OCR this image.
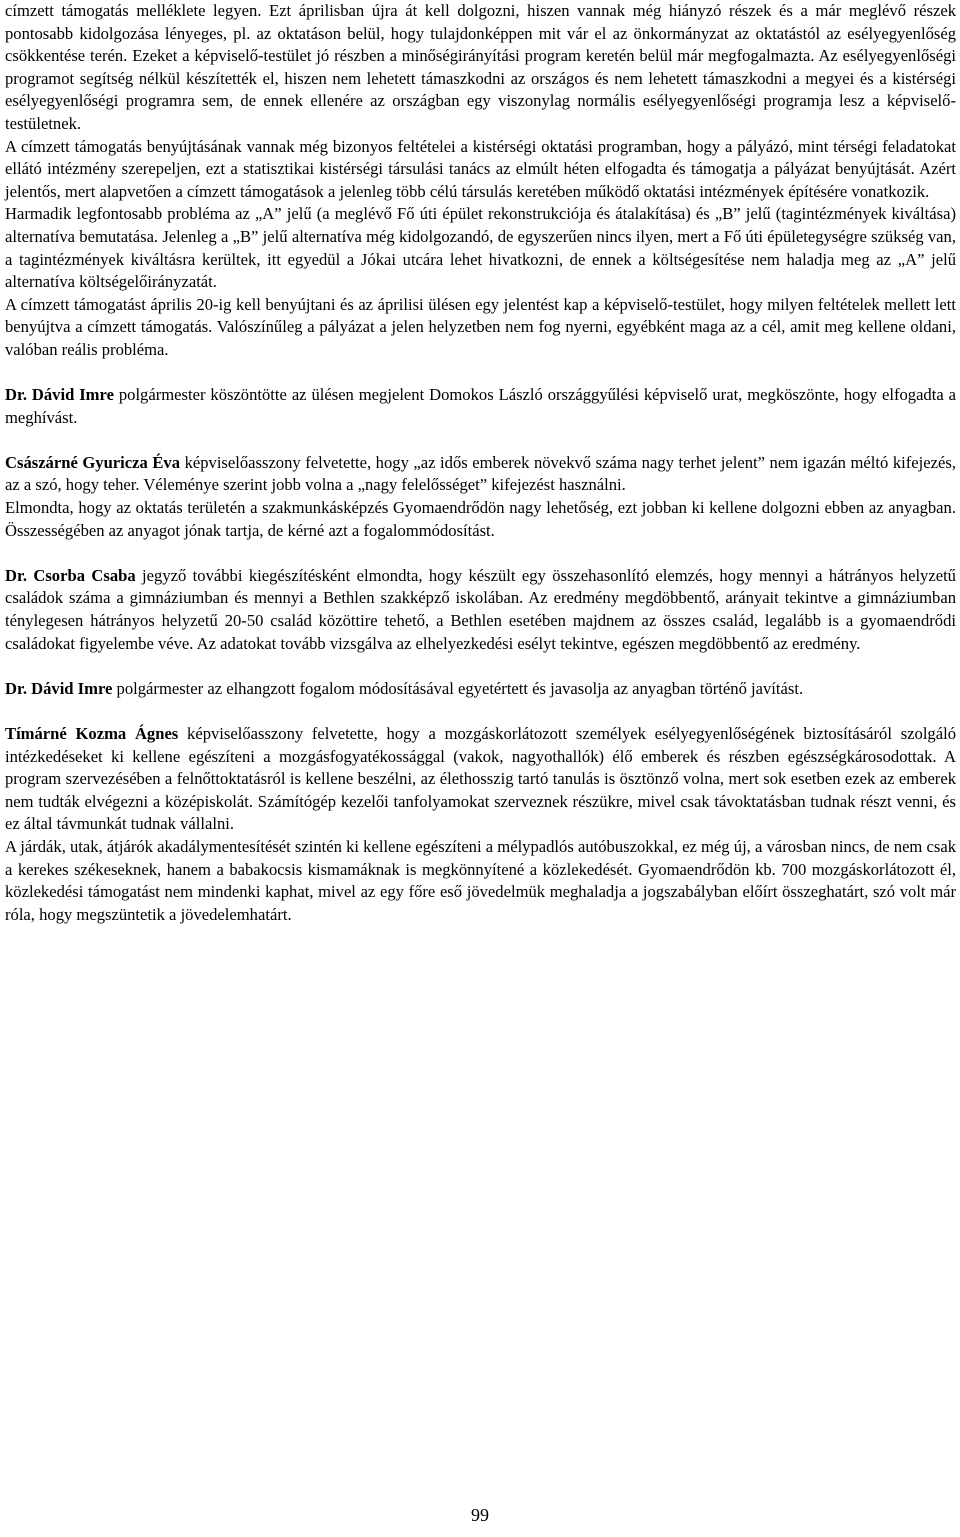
címzett támogatás melléklete legyen. Ezt áprilisban újra át kell dolgozni, hiszen vannak még hiányzó részek és a már meglévő részek pontosabb kidolgozása lényeges, pl. az oktatáson belül, hogy tulajdonképpen mit vár el az önkormányzat az oktatástól az esélyegyenlőség csökkentése terén. Ezeket a képviselő-testület jó részben a minőségirányítási program keretén belül már megfogalmazta. Az esélyegyenlőségi programot segítség nélkül készítették el, hiszen nem lehetett támaszkodni az országos és nem lehetett támaszkodni a megyei és a kistérségi esélyegyenlőségi programra sem, de ennek ellenére az országban egy viszonylag normális esélyegyenlőségi programja lesz a képviselő-testületnek.

A címzett támogatás benyújtásának vannak még bizonyos feltételei a kistérségi oktatási programban, hogy a pályázó, mint térségi feladatokat ellátó intézmény szerepeljen, ezt a statisztikai kistérségi társulási tanács az elmúlt héten elfogadta és támogatja a pályázat benyújtását. Azért jelentős, mert alapvetően a címzett támogatások a jelenleg több célú társulás keretében működő oktatási intézmények építésére vonatkozik.

Harmadik legfontosabb probléma az „A” jelű (a meglévő Fő úti épület rekonstrukciója és átalakítása) és „B” jelű (tagintézmények kiváltása) alternatíva bemutatása. Jelenleg a „B” jelű alternatíva még kidolgozandó, de egyszerűen nincs ilyen, mert a Fő úti épületegységre szükség van, a tagintézmények kiváltásra kerültek, itt egyedül a Jókai utcára lehet hivatkozni, de ennek a költségesítése nem haladja meg az „A” jelű alternatíva költségelőirányzatát.

A címzett támogatást április 20-ig kell benyújtani és az áprilisi ülésen egy jelentést kap a képviselő-testület, hogy milyen feltételek mellett lett benyújtva a címzett támogatás. Valószínűleg a pályázat a jelen helyzetben nem fog nyerni, egyébként maga az a cél, amit meg kellene oldani, valóban reális probléma.

Dr. Dávid Imre polgármester köszöntötte az ülésen megjelent Domokos László országgyűlési képviselő urat, megköszönte, hogy elfogadta a meghívást.

Császárné Gyuricza Éva képviselőasszony felvetette, hogy „az idős emberek növekvő száma nagy terhet jelent” nem igazán méltó kifejezés, az a szó, hogy teher. Véleménye szerint jobb volna a „nagy felelősséget” kifejezést használni.

Elmondta, hogy az oktatás területén a szakmunkásképzés Gyomaendrődön nagy lehetőség, ezt jobban ki kellene dolgozni ebben az anyagban. Összességében az anyagot jónak tartja, de kérné azt a fogalommódosítást.

Dr. Csorba Csaba jegyző további kiegészítésként elmondta, hogy készült egy összehasonlító elemzés, hogy mennyi a hátrányos helyzetű családok száma a gimnáziumban és mennyi a Bethlen szakképző iskolában. Az eredmény megdöbbentő, arányait tekintve a gimnáziumban ténylegesen hátrányos helyzetű 20-50 család közöttire tehető, a Bethlen esetében majdnem az összes család, legalább is a gyomaendrődi családokat figyelembe véve. Az adatokat tovább vizsgálva az elhelyezkedési esélyt tekintve, egészen megdöbbentő az eredmény.

Dr. Dávid Imre polgármester az elhangzott fogalom módosításával egyetértett és javasolja az anyagban történő javítást.

Tímárné Kozma Ágnes képviselőasszony felvetette, hogy a mozgáskorlátozott személyek esélyegyenlőségének biztosításáról szolgáló intézkedéseket ki kellene egészíteni a mozgásfogyatékossággal (vakok, nagyothallók) élő emberek és részben egészségkárosodottak. A program szervezésében a felnőttoktatásról is kellene beszélni, az élethosszig tartó tanulás is ösztönző volna, mert sok esetben ezek az emberek nem tudták elvégezni a középiskolát. Számítógép kezelői tanfolyamokat szerveznek részükre, mivel csak távoktatásban tudnak részt venni, és ez által távmunkát tudnak vállalni.

A járdák, utak, átjárók akadálymentesítését szintén ki kellene egészíteni a mélypadlós autóbuszokkal, ez még új, a városban nincs, de nem csak a kerekes székeseknek, hanem a babakocsis kismamáknak is megkönnyítené a közlekedését. Gyomaendrődön kb. 700 mozgáskorlátozott él, közlekedési támogatást nem mindenki kaphat, mivel az egy főre eső jövedelmük meghaladja a jogszabályban előírt összeghatárt, szó volt már róla, hogy megszüntetik a jövedelemhatárt.

99
